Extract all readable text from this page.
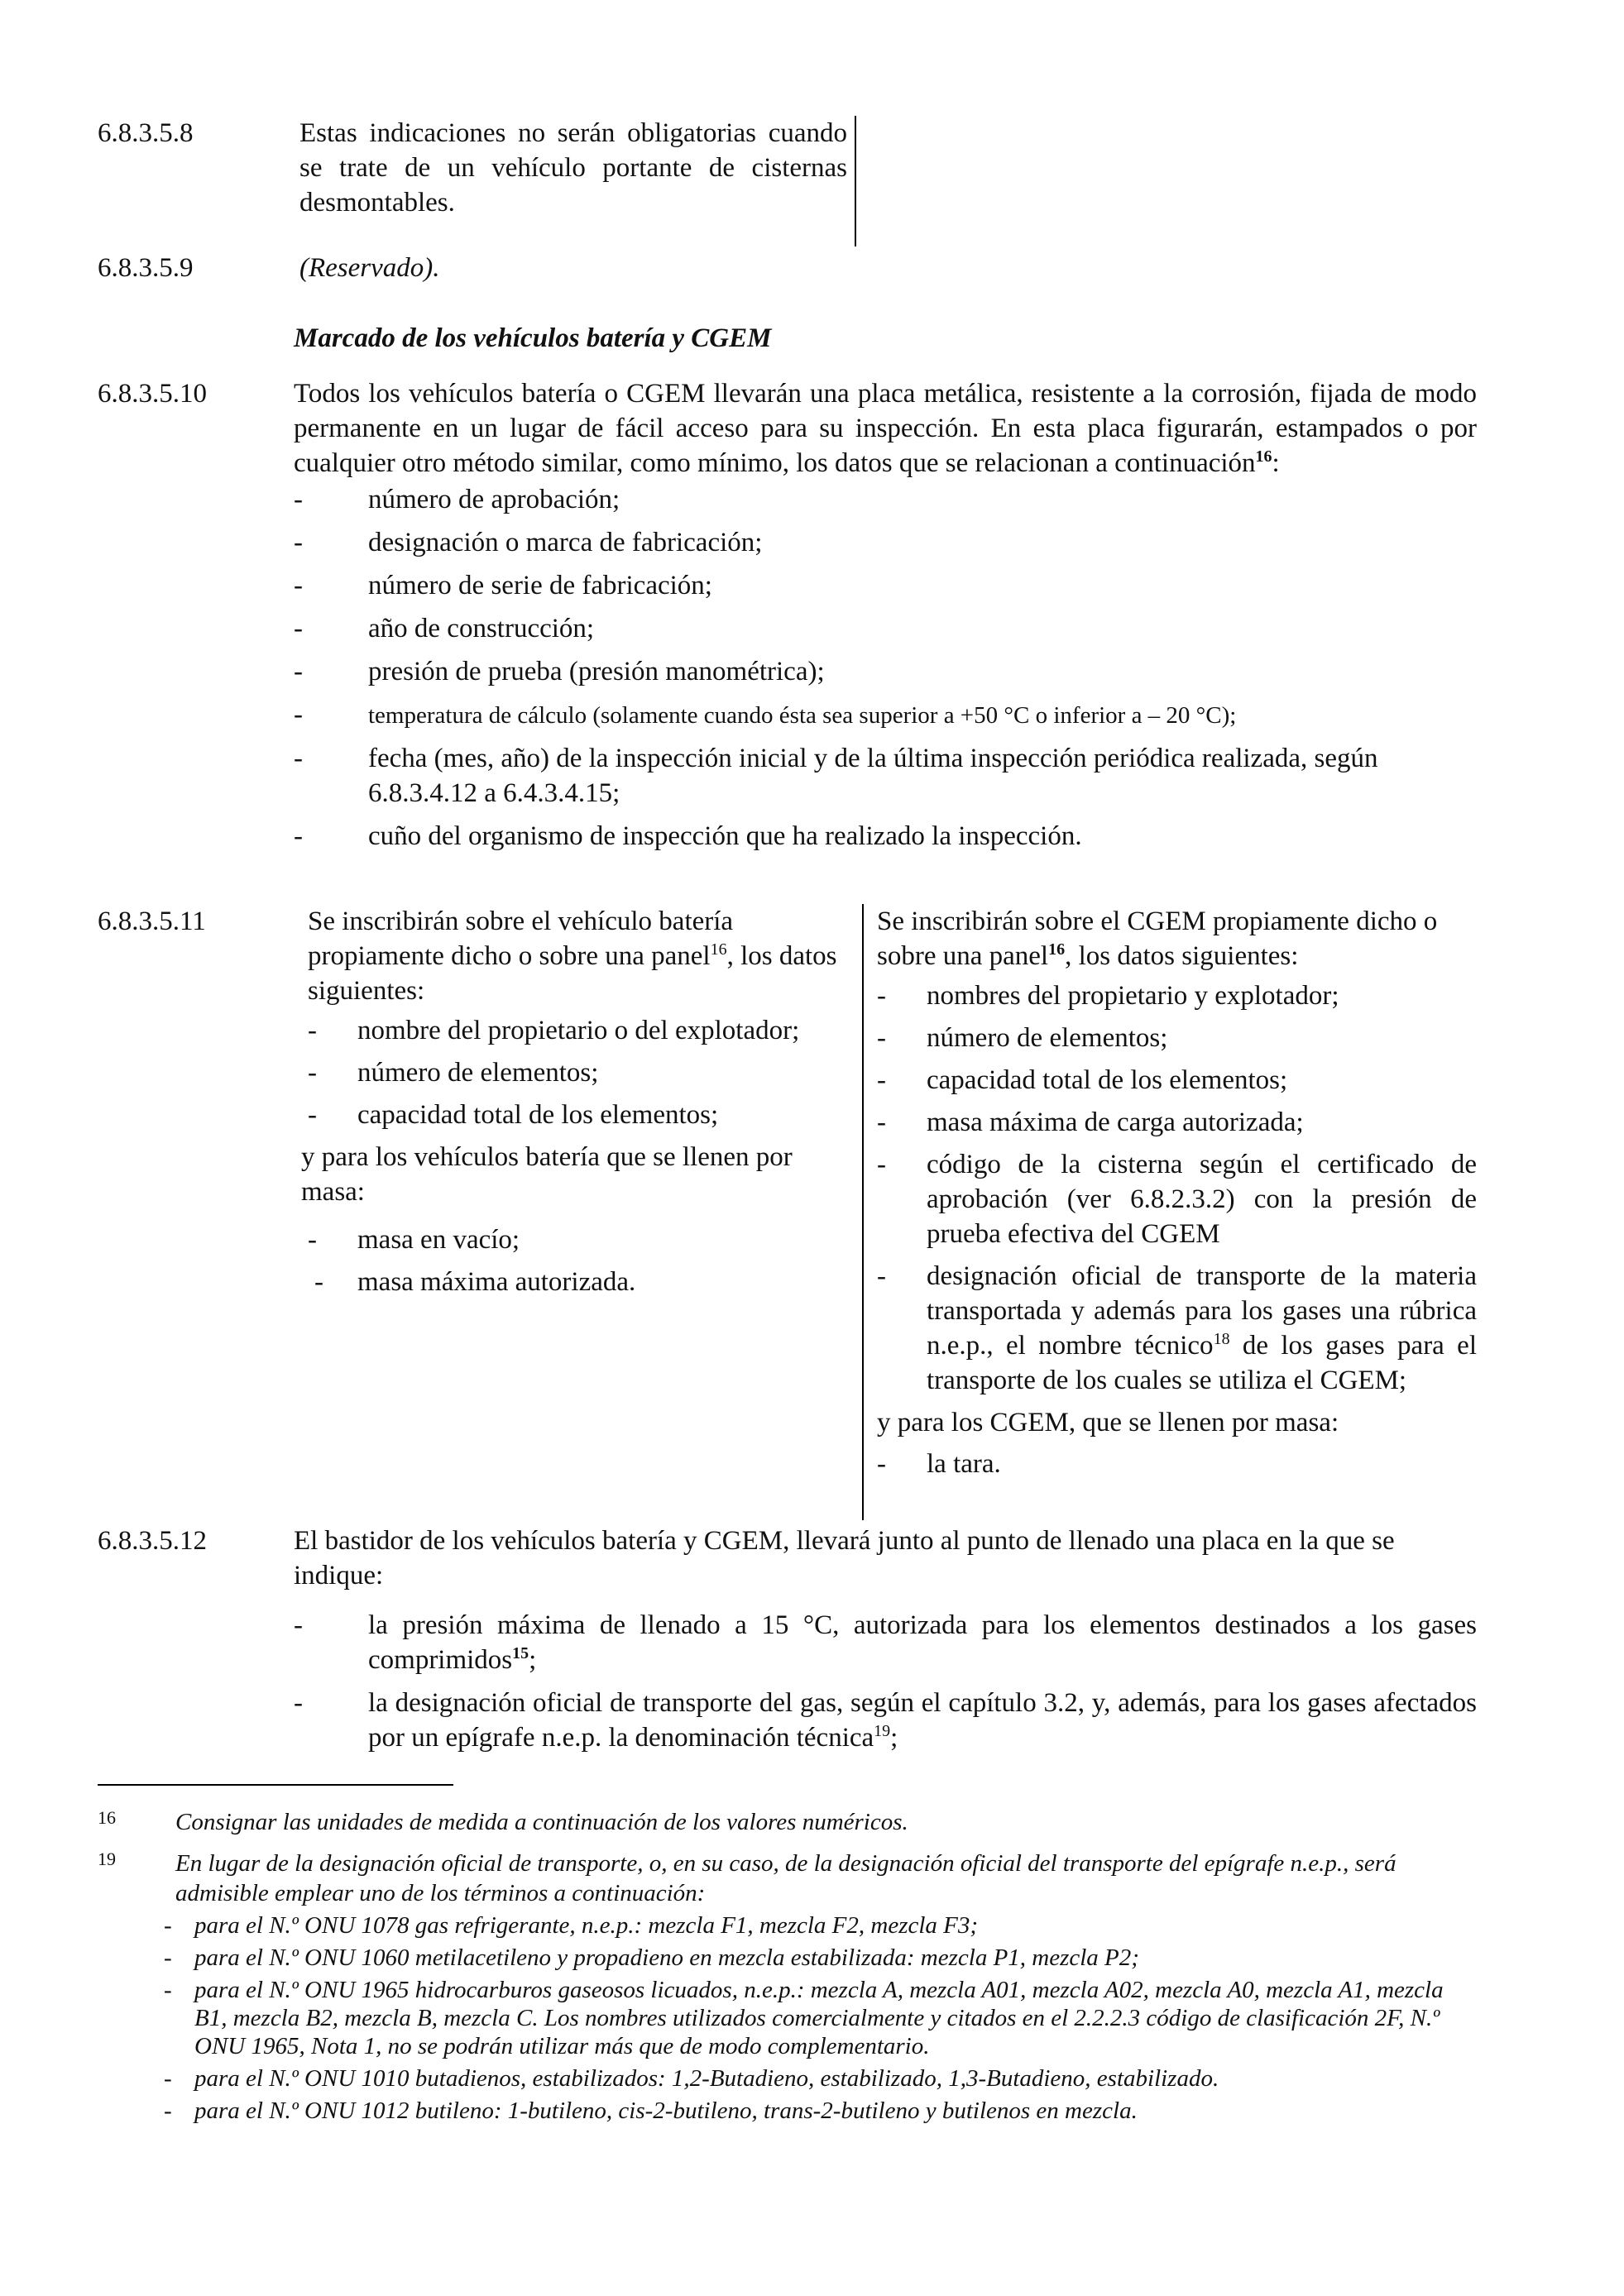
6.8.3.5.8	Estas indicaciones no serán obligatorias cuando se trate de un vehículo portante de cisternas desmontables.
6.8.3.5.9	(Reservado).
Marcado de los vehículos batería y CGEM
6.8.3.5.10	Todos los vehículos batería o CGEM llevarán una placa metálica, resistente a la corrosión, fijada de modo permanente en un lugar de fácil acceso para su inspección. En esta placa figurarán, estampados o por cualquier otro método similar, como mínimo, los datos que se relacionan a continuación$^{16}$:
- número de aprobación;
- designación o marca de fabricación;
- número de serie de fabricación;
- año de construcción;
- presión de prueba (presión manométrica);
-	temperatura de cálculo (solamente cuando ésta sea superior a +50 °C o inferior a – 20 °C);
- fecha (mes, año) de la inspección inicial y de la última inspección periódica realizada, según 6.8.3.4.12 a 6.4.3.4.15;
- cuño del organismo de inspección que ha realizado la inspección.
6.8.3.5.11	Se inscribirán sobre el vehículo batería propiamente dicho o sobre una panel$^{16}$, los datos siguientes:
- nombre del propietario o del explotador;
- número de elementos;
- capacidad total de los elementos;
y para los vehículos batería que se llenen por masa:
- masa en vacío;
- masa máxima autorizada.
Se inscribirán sobre el CGEM propiamente dicho o sobre una panel$^{16}$, los datos siguientes:
- nombres del propietario y explotador;
- número de elementos;
- capacidad total de los elementos;
- masa máxima de carga autorizada;
- código de la cisterna según el certificado de aprobación (ver 6.8.2.3.2) con la presión de prueba efectiva del CGEM
- designación oficial de transporte de la materia transportada y además para los gases una rúbrica n.e.p., el nombre técnico$^{18}$ de los gases para el transporte de los cuales se utiliza el CGEM;
y para los CGEM, que se llenen por masa:
- la tara.
6.8.3.5.12	El bastidor de los vehículos batería y CGEM, llevará junto al punto de llenado una placa en la que se indique:
- la presión máxima de llenado a 15 °C, autorizada para los elementos destinados a los gases comprimidos$^{15}$;
- la designación oficial de transporte del gas, según el capítulo 3.2, y, además, para los gases afectados por un epígrafe n.e.p. la denominación técnica$^{19}$;
16 Consignar las unidades de medida a continuación de los valores numéricos.
19	En lugar de la designación oficial de transporte, o, en su caso, de la designación oficial del transporte del epígrafe n.e.p., será admisible emplear uno de los términos a continuación:
- para el N.º ONU 1078 gas refrigerante, n.e.p.: mezcla F1, mezcla F2, mezcla F3;
- para el N.º ONU 1060 metilacetileno y propadieno en mezcla estabilizada: mezcla P1, mezcla P2;
- para el N.º ONU 1965 hidrocarburos gaseosos licuados, n.e.p.: mezcla A, mezcla A01, mezcla A02, mezcla A0, mezcla A1, mezcla B1, mezcla B2, mezcla B, mezcla C. Los nombres utilizados comercialmente y citados en el 2.2.2.3 código de clasificación 2F, N.º ONU 1965, Nota 1, no se podrán utilizar más que de modo complementario.
- para el N.º ONU 1010 butadienos, estabilizados: 1,2-Butadieno, estabilizado, 1,3-Butadieno, estabilizado.
- para el N.º ONU 1012 butileno: 1-butileno, cis-2-butileno, trans-2-butileno y butilenos en mezcla.
